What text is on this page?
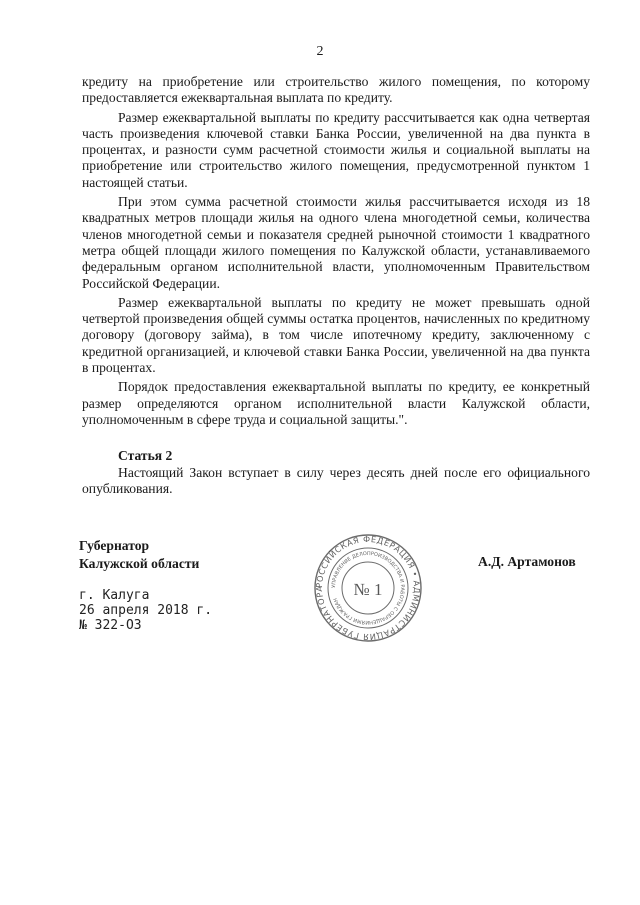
2

кредиту на приобретение или строительство жилого помещения, по которому предоставляется ежеквартальная выплата по кредиту.

Размер ежеквартальной выплаты по кредиту рассчитывается как одна четвертая часть произведения ключевой ставки Банка России, увеличенной на два пункта в процентах, и разности сумм расчетной стоимости жилья и социальной выплаты на приобретение или строительство жилого помещения, предусмотренной пунктом 1 настоящей статьи.

При этом сумма расчетной стоимости жилья рассчитывается исходя из 18 квадратных метров площади жилья на одного члена многодетной семьи, количества членов многодетной семьи и показателя средней рыночной стоимости 1 квадратного метра общей площади жилого помещения по Калужской области, устанавливаемого федеральным органом исполнительной власти, уполномоченным Правительством Российской Федерации.

Размер ежеквартальной выплаты по кредиту не может превышать одной четвертой произведения общей суммы остатка процентов, начисленных по кредитному договору (договору займа), в том числе ипотечному кредиту, заключенному с кредитной организацией, и ключевой ставки Банка России, увеличенной на два пункта в процентах.

Порядок предоставления ежеквартальной выплаты по кредиту, ее конкретный размер определяются органом исполнительной власти Калужской области, уполномоченным в сфере труда и социальной защиты.".

Статья 2

Настоящий Закон вступает в силу через десять дней после его официального опубликования.

Губернатор
Калужской области	А.Д. Артамонов
РОССИЙСКАЯ ФЕДЕРАЦИЯ • АДМИНИСТРАЦИЯ ГУБЕРНАТОРА	УПРАВЛЕНИЕ ДЕЛОПРОИЗВОДСТВА И РАБОТЫ С ОБРАЩЕНИЯМИ ГРАЖДАН
№ 1
г. Калуга
26 апреля 2018 г.
№ 322-ОЗ
